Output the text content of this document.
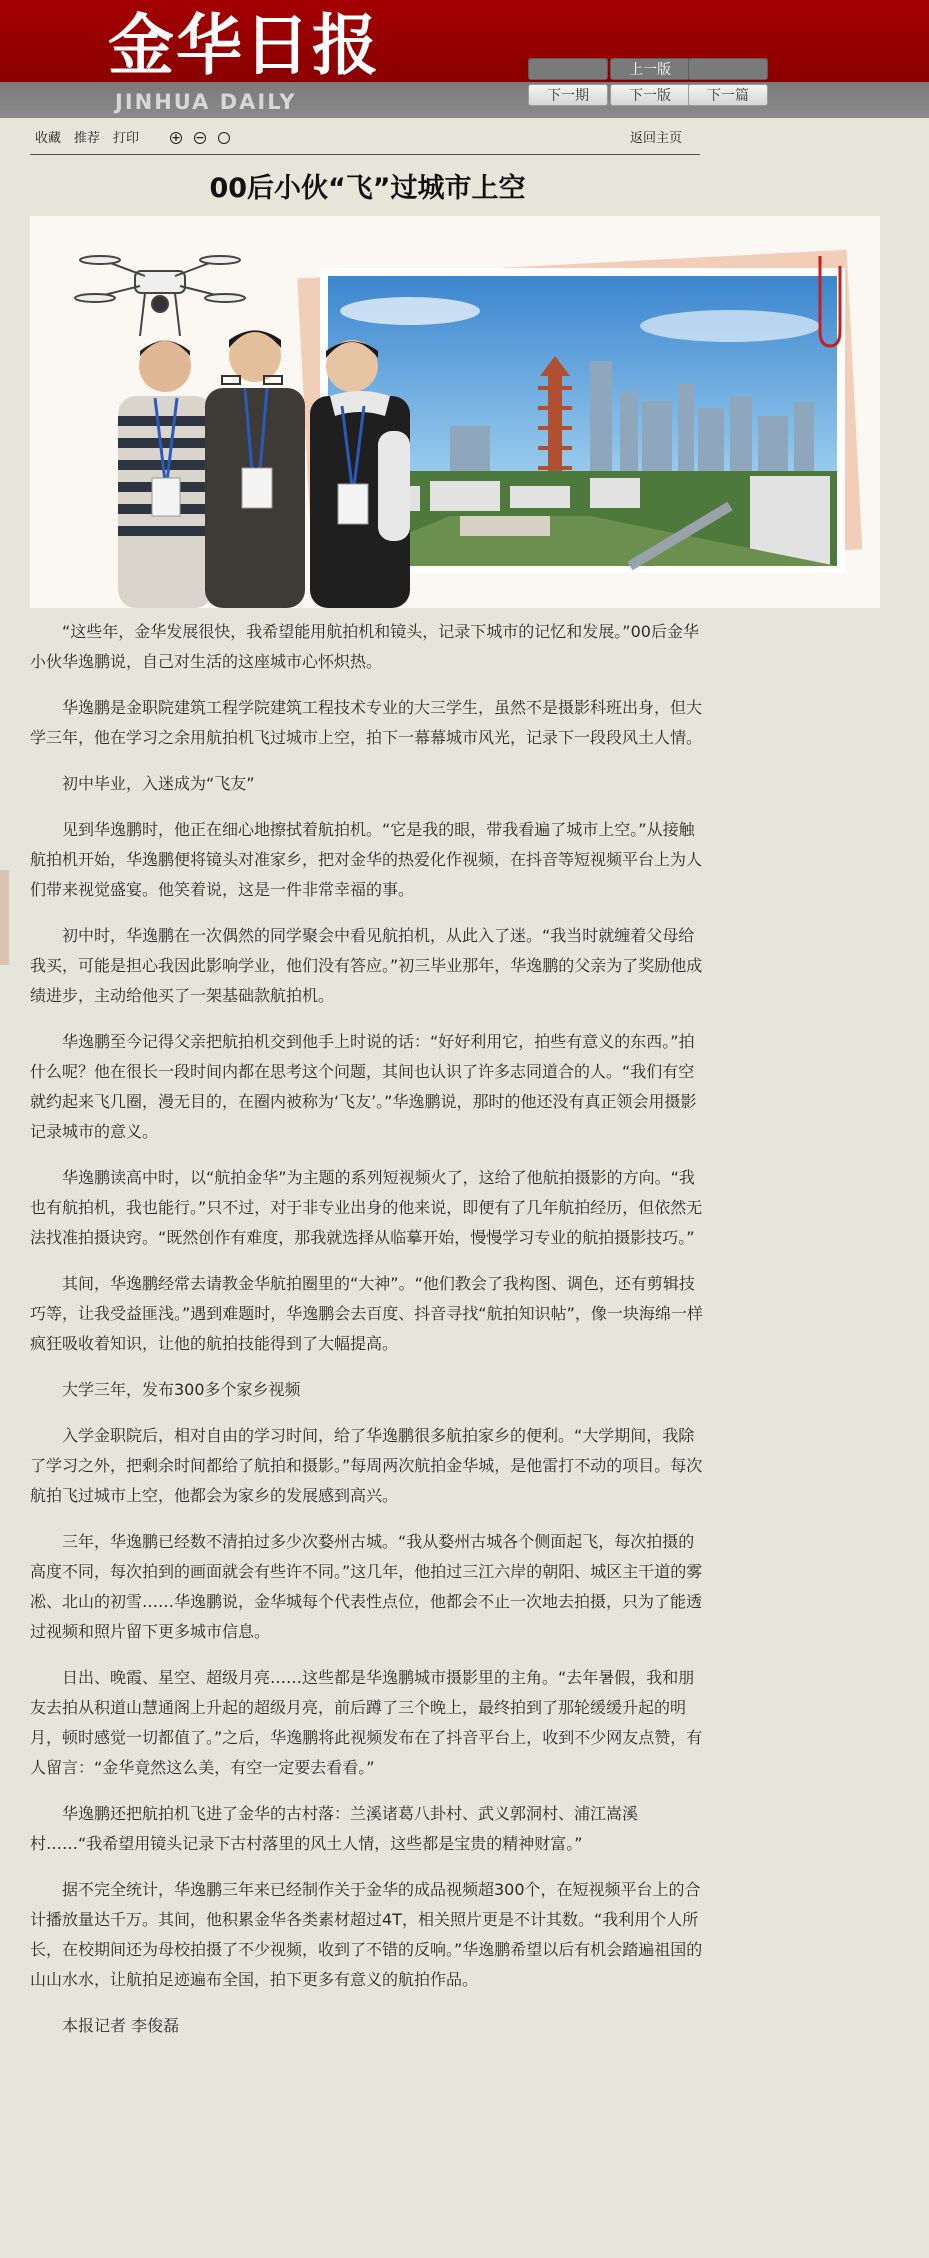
金华日报
JINHUA DAILY
上一版
下一期	下一版	下一篇
收藏 推荐 打印	+ −	返回主页
00后小伙“飞”过城市上空

“这些年，金华发展很快，我希望能用航拍机和镜头，记录下城市的记忆和发展。”00后金华小伙华逸鹏说，自己对生活的这座城市心怀炽热。

华逸鹏是金职院建筑工程学院建筑工程技术专业的大三学生，虽然不是摄影科班出身，但大学三年，他在学习之余用航拍机飞过城市上空，拍下一幕幕城市风光，记录下一段段风土人情。

初中毕业，入迷成为“飞友”

见到华逸鹏时，他正在细心地擦拭着航拍机。“它是我的眼，带我看遍了城市上空。”从接触航拍机开始，华逸鹏便将镜头对准家乡，把对金华的热爱化作视频，在抖音等短视频平台上为人们带来视觉盛宴。他笑着说，这是一件非常幸福的事。

初中时，华逸鹏在一次偶然的同学聚会中看见航拍机，从此入了迷。“我当时就缠着父母给我买，可能是担心我因此影响学业，他们没有答应。”初三毕业那年，华逸鹏的父亲为了奖励他成绩进步，主动给他买了一架基础款航拍机。

华逸鹏至今记得父亲把航拍机交到他手上时说的话：“好好利用它，拍些有意义的东西。”拍什么呢？他在很长一段时间内都在思考这个问题，其间也认识了许多志同道合的人。“我们有空就约起来飞几圈，漫无目的，在圈内被称为‘飞友’。”华逸鹏说，那时的他还没有真正领会用摄影记录城市的意义。

华逸鹏读高中时，以“航拍金华”为主题的系列短视频火了，这给了他航拍摄影的方向。“我也有航拍机，我也能行。”只不过，对于非专业出身的他来说，即便有了几年航拍经历，但依然无法找准拍摄诀窍。“既然创作有难度，那我就选择从临摹开始，慢慢学习专业的航拍摄影技巧。”

其间，华逸鹏经常去请教金华航拍圈里的“大神”。“他们教会了我构图、调色，还有剪辑技巧等，让我受益匪浅。”遇到难题时，华逸鹏会去百度、抖音寻找“航拍知识帖”，像一块海绵一样疯狂吸收着知识，让他的航拍技能得到了大幅提高。

大学三年，发布300多个家乡视频

入学金职院后，相对自由的学习时间，给了华逸鹏很多航拍家乡的便利。“大学期间，我除了学习之外，把剩余时间都给了航拍和摄影。”每周两次航拍金华城，是他雷打不动的项目。每次航拍飞过城市上空，他都会为家乡的发展感到高兴。

三年，华逸鹏已经数不清拍过多少次婺州古城。“我从婺州古城各个侧面起飞，每次拍摄的高度不同，每次拍到的画面就会有些许不同。”这几年，他拍过三江六岸的朝阳、城区主干道的雾凇、北山的初雪……华逸鹏说，金华城每个代表性点位，他都会不止一次地去拍摄，只为了能透过视频和照片留下更多城市信息。

日出、晚霞、星空、超级月亮……这些都是华逸鹏城市摄影里的主角。“去年暑假，我和朋友去拍从积道山慧通阁上升起的超级月亮，前后蹲了三个晚上，最终拍到了那轮缓缓升起的明月，顿时感觉一切都值了。”之后，华逸鹏将此视频发布在了抖音平台上，收到不少网友点赞，有人留言：“金华竟然这么美，有空一定要去看看。”

华逸鹏还把航拍机飞进了金华的古村落：兰溪诸葛八卦村、武义郭洞村、浦江嵩溪村……“我希望用镜头记录下古村落里的风土人情，这些都是宝贵的精神财富。”

据不完全统计，华逸鹏三年来已经制作关于金华的成品视频超300个，在短视频平台上的合计播放量达千万。其间，他积累金华各类素材超过4T，相关照片更是不计其数。“我利用个人所长，在校期间还为母校拍摄了不少视频，收到了不错的反响。”华逸鹏希望以后有机会踏遍祖国的山山水水，让航拍足迹遍布全国，拍下更多有意义的航拍作品。

本报记者 李俊磊
